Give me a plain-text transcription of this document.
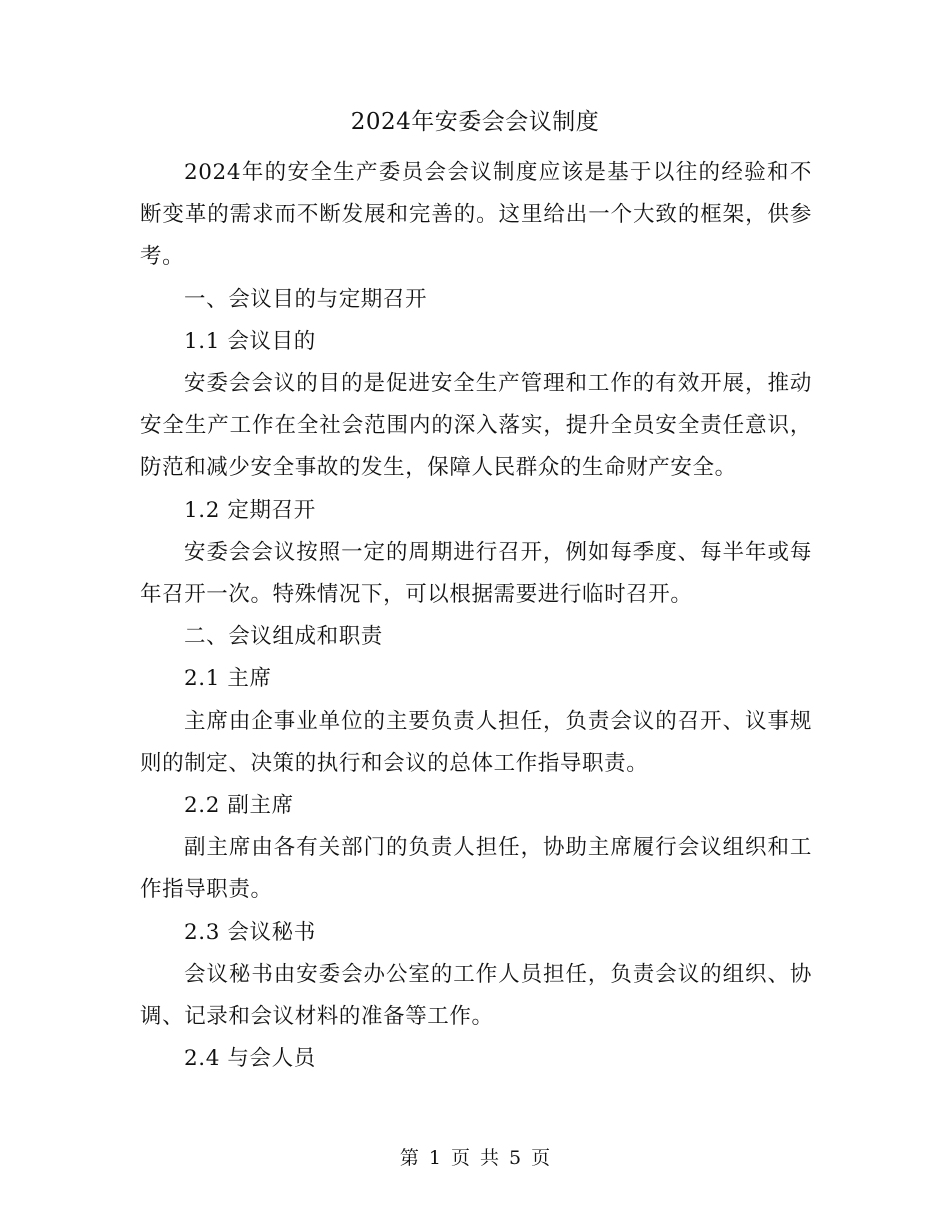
2024年安委会会议制度

2024年的安全生产委员会会议制度应该是基于以往的经验和不断变革的需求而不断发展和完善的。这里给出一个大致的框架，供参考。

一、会议目的与定期召开

1.1 会议目的

安委会会议的目的是促进安全生产管理和工作的有效开展，推动安全生产工作在全社会范围内的深入落实，提升全员安全责任意识，防范和减少安全事故的发生，保障人民群众的生命财产安全。

1.2 定期召开

安委会会议按照一定的周期进行召开，例如每季度、每半年或每年召开一次。特殊情况下，可以根据需要进行临时召开。

二、会议组成和职责

2.1 主席

主席由企事业单位的主要负责人担任，负责会议的召开、议事规则的制定、决策的执行和会议的总体工作指导职责。

2.2 副主席

副主席由各有关部门的负责人担任，协助主席履行会议组织和工作指导职责。

2.3 会议秘书

会议秘书由安委会办公室的工作人员担任，负责会议的组织、协调、记录和会议材料的准备等工作。

2.4 与会人员

第 1 页 共 5 页
